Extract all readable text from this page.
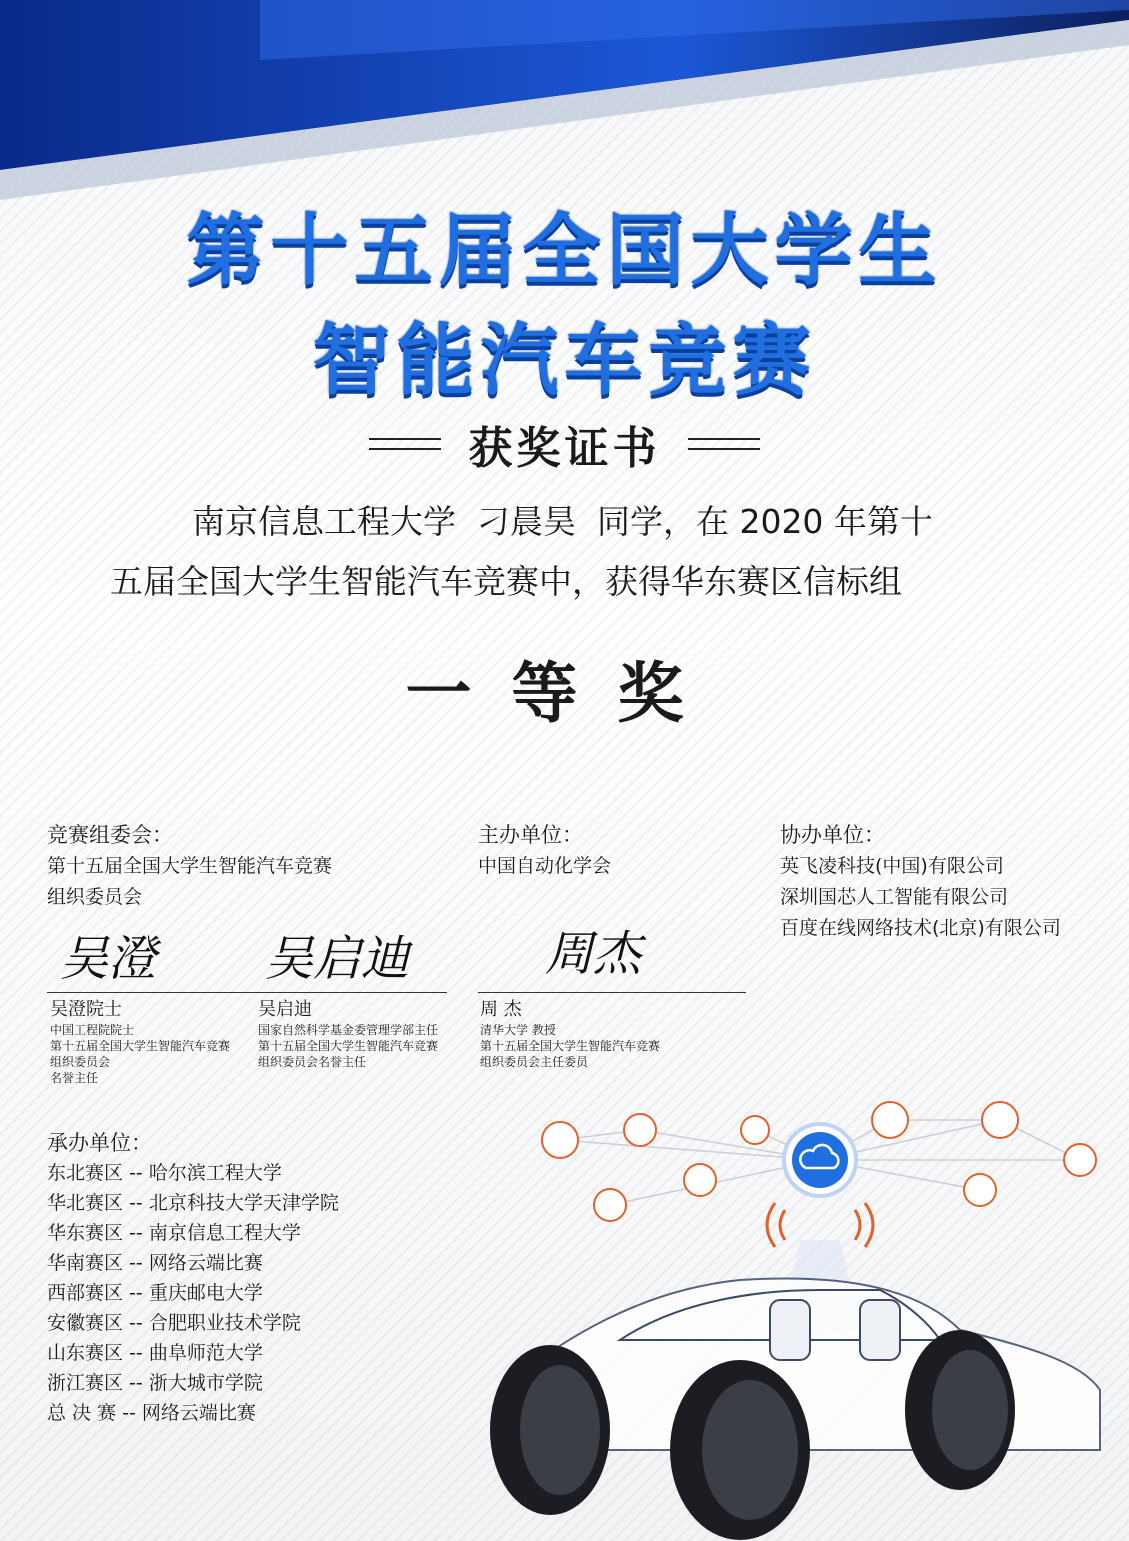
第十五届全国大学生
智能汽车竞赛
获奖证书
南京信息工程大学  刁晨昊  同学，在 2020 年第十
五届全国大学生智能汽车竞赛中，获得华东赛区信标组
一等奖
竞赛组委会：
第十五届全国大学生智能汽车竞赛
组织委员会
主办单位：
中国自动化学会
协办单位：
英飞凌科技(中国)有限公司
深圳国芯人工智能有限公司
百度在线网络技术(北京)有限公司
吴澄 吴启迪	周杰
吴澄院士
中国工程院院士
第十五届全国大学生智能汽车竞赛
组织委员会
名誉主任
吴启迪
国家自然科学基金委管理学部主任
第十五届全国大学生智能汽车竞赛
组织委员会名誉主任
周 杰
清华大学 教授
第十五届全国大学生智能汽车竞赛
组织委员会主任委员
承办单位：
东北赛区 -- 哈尔滨工程大学
华北赛区 -- 北京科技大学天津学院
华东赛区 -- 南京信息工程大学
华南赛区 -- 网络云端比赛
西部赛区 -- 重庆邮电大学
安徽赛区 -- 合肥职业技术学院
山东赛区 -- 曲阜师范大学
浙江赛区 -- 浙大城市学院
总 决 赛 -- 网络云端比赛
